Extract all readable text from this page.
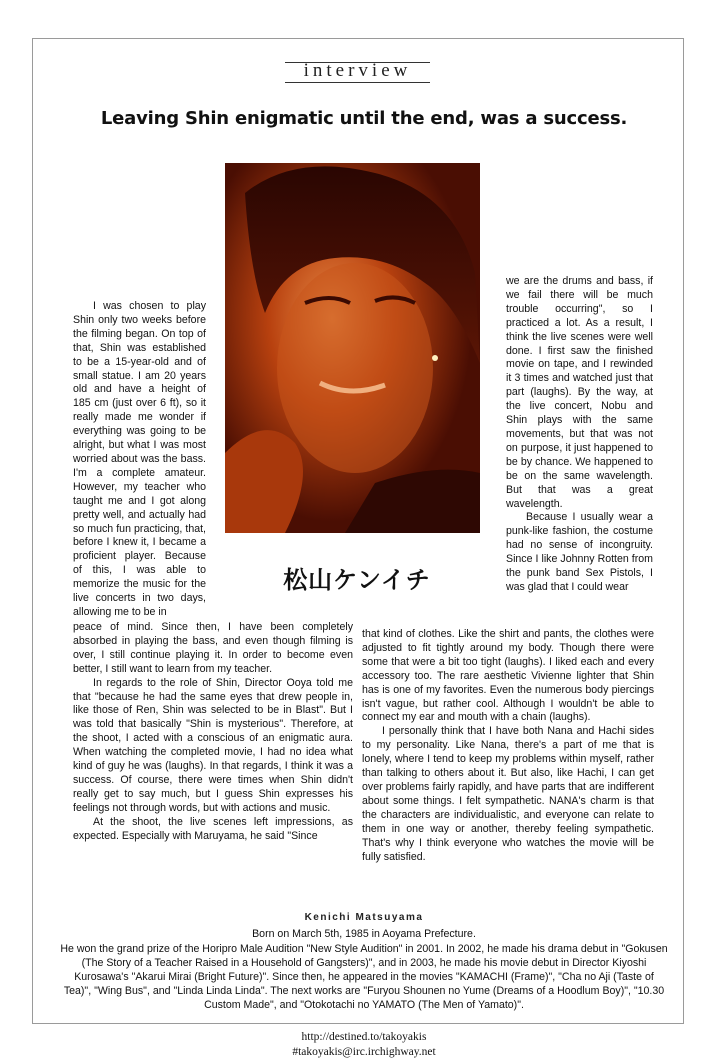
interview
Leaving Shin enigmatic until the end, was a success.
松山ケンイチ

I was chosen to play Shin only two weeks before the filming began. On top of that, Shin was established to be a 15-year-old and of small statue. I am 20 years old and have a height of 185 cm (just over 6 ft), so it really made me wonder if everything was going to be alright, but what I was most worried about was the bass. I'm a complete amateur. However, my teacher who taught me and I got along pretty well, and actually had so much fun practicing, that, before I knew it, I became a proficient player. Because of this, I was able to memorize the music for the live concerts in two days, allowing me to be in

we are the drums and bass, if we fail there will be much trouble occurring", so I practiced a lot. As a result, I think the live scenes were well done. I first saw the finished movie on tape, and I rewinded it 3 times and watched just that part (laughs). By the way, at the live concert, Nobu and Shin plays with the same movements, but that was not on purpose, it just happened to be by chance. We happened to be on the same wavelength. But that was a great wavelength.

Because I usually wear a punk-like fashion, the costume had no sense of incongruity. Since I like Johnny Rotten from the punk band Sex Pistols, I was glad that I could wear

peace of mind. Since then, I have been completely absorbed in playing the bass, and even though filming is over, I still continue playing it. In order to become even better, I still want to learn from my teacher.

In regards to the role of Shin, Director Ooya told me that "because he had the same eyes that drew people in, like those of Ren, Shin was selected to be in Blast". But I was told that basically "Shin is mysterious". Therefore, at the shoot, I acted with a conscious of an enigmatic aura. When watching the completed movie, I had no idea what kind of guy he was (laughs). In that regards, I think it was a success. Of course, there were times when Shin didn't really get to say much, but I guess Shin expresses his feelings not through words, but with actions and music.

At the shoot, the live scenes left impressions, as expected. Especially with Maruyama, he said "Since

that kind of clothes. Like the shirt and pants, the clothes were adjusted to fit tightly around my body. Though there were some that were a bit too tight (laughs). I liked each and every accessory too. The rare aesthetic Vivienne lighter that Shin has is one of my favorites. Even the numerous body piercings isn't vague, but rather cool. Although I wouldn't be able to connect my ear and mouth with a chain (laughs).

I personally think that I have both Nana and Hachi sides to my personality. Like Nana, there's a part of me that is lonely, where I tend to keep my problems within myself, rather than talking to others about it. But also, like Hachi, I can get over problems fairly rapidly, and have parts that are indifferent about some things. I felt sympathetic. NANA's charm is that the characters are individualistic, and everyone can relate to them in one way or another, thereby feeling sympathetic. That's why I think everyone who watches the movie will be fully satisfied.

Kenichi Matsuyama
Born on March 5th, 1985 in Aoyama Prefecture.
He won the grand prize of the Horipro Male Audition "New Style Audition" in 2001. In 2002, he made his drama debut in "Gokusen (The Story of a Teacher Raised in a Household of Gangsters)", and in 2003, he made his movie debut in Director Kiyoshi Kurosawa's "Akarui Mirai (Bright Future)". Since then, he appeared in the movies "KAMACHI (Frame)", "Cha no Aji (Taste of Tea)", "Wing Bus", and "Linda Linda Linda". The next works are "Furyou Shounen no Yume (Dreams of a Hoodlum Boy)", "10.30 Custom Made", and "Otokotachi no YAMATO (The Men of Yamato)".
http://destined.to/takoyakis
#takoyakis@irc.irchighway.net
